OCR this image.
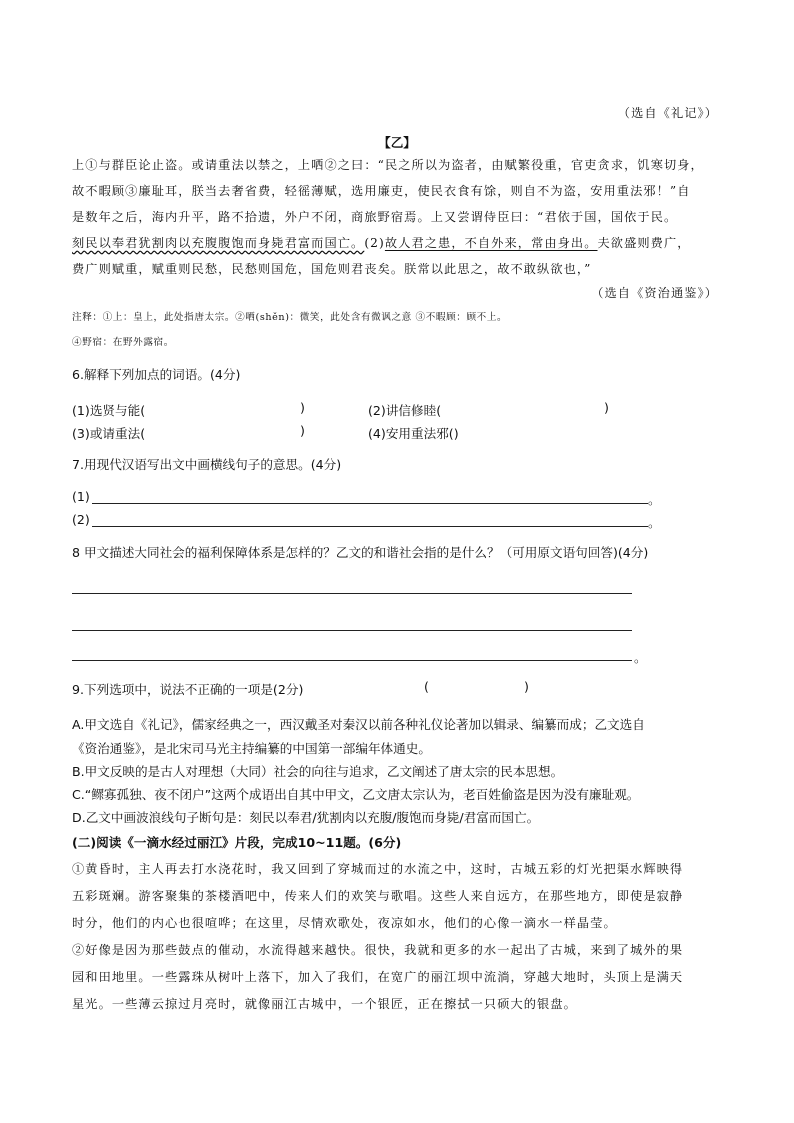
（选自《礼记》）
【乙】
上①与群臣论止盗。或请重法以禁之，上哂②之曰：“民之所以为盗者，由赋繁役重，官吏贪求，饥寒切身，
故不暇顾③廉耻耳，朕当去奢省费，轻徭薄赋，选用廉吏，使民衣食有馀，则自不为盗，安用重法邪！”自
是数年之后，海内升平，路不拾遗，外户不闭，商旅野宿焉。上又尝谓侍臣曰：“君依于国，国依于民。
刻民以奉君犹割肉以充腹腹饱而身毙君富而国亡。(2)故人君之患，不自外来，常由身出。夫欲盛则费广，
费广则赋重，赋重则民愁，民愁则国危，国危则君丧矣。朕常以此思之，故不敢纵欲也，”
（选自《资治通鉴》）
注释：①上：皇上，此处指唐太宗。②哂(shěn)：微笑，此处含有微讽之意 ③不暇顾：顾不上。
④野宿：在野外露宿。
6.解释下列加点的词语。(4分)
(1)选贤与能(	)	(2)讲信修睦(	)
(3)或请重法(	)	(4)安用重法邪()
7.用现代汉语写出文中画横线句子的意思。(4分)
(1)	。
(2)	。
8 甲文描述大同社会的福利保障体系是怎样的？乙文的和谐社会指的是什么？（可用原文语句回答)(4分)
。
9.下列选项中，说法不正确的一项是(2分)	(	)
A.甲文选自《礼记》，儒家经典之一，西汉戴圣对秦汉以前各种礼仪论著加以辑录、编纂而成；乙文选自
《资治通鉴》，是北宋司马光主持编纂的中国第一部编年体通史。
B.甲文反映的是古人对理想（大同）社会的向往与追求，乙文阐述了唐太宗的民本思想。
C.“鳏寡孤独、夜不闭户”这两个成语出自其中甲文，乙文唐太宗认为，老百姓偷盗是因为没有廉耻观。
D.乙文中画波浪线句子断句是：刻民以奉君/犹割肉以充腹/腹饱而身毙/君富而国亡。
(二)阅读《一滴水经过丽江》片段，完成10~11题。(6分)
①黄昏时，主人再去打水浇花时，我又回到了穿城而过的水流之中，这时，古城五彩的灯光把渠水辉映得
五彩斑斓。游客聚集的茶楼酒吧中，传来人们的欢笑与歌唱。这些人来自远方，在那些地方，即使是寂静
时分，他们的内心也很喧哗；在这里，尽情欢歌处，夜凉如水，他们的心像一滴水一样晶莹。
②好像是因为那些鼓点的催动，水流得越来越快。很快，我就和更多的水一起出了古城，来到了城外的果
园和田地里。一些露珠从树叶上落下，加入了我们，在宽广的丽江坝中流淌，穿越大地时，头顶上是满天
星光。一些薄云掠过月亮时，就像丽江古城中，一个银匠，正在擦拭一只硕大的银盘。
